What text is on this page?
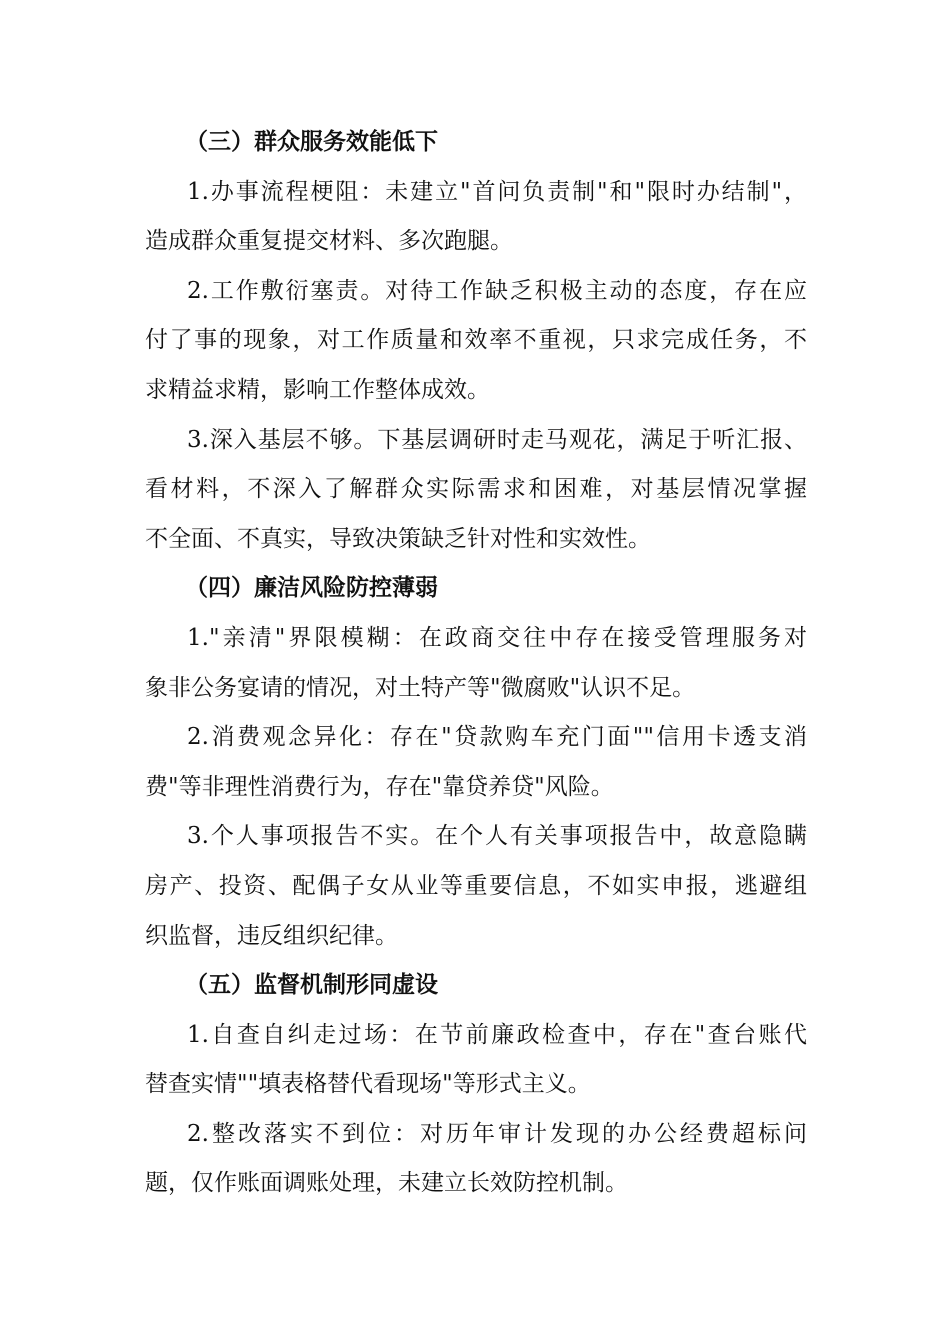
（三）群众服务效能低下
1.办事流程梗阻：未建立"首问负责制"和"限时办结制"，
造成群众重复提交材料、多次跑腿。
2.工作敷衍塞责。对待工作缺乏积极主动的态度，存在应
付了事的现象，对工作质量和效率不重视，只求完成任务，不
求精益求精，影响工作整体成效。
3.深入基层不够。下基层调研时走马观花，满足于听汇报、
看材料，不深入了解群众实际需求和困难，对基层情况掌握
不全面、不真实，导致决策缺乏针对性和实效性。
（四）廉洁风险防控薄弱
1."亲清"界限模糊：在政商交往中存在接受管理服务对
象非公务宴请的情况，对土特产等"微腐败"认识不足。
2.消费观念异化：存在"贷款购车充门面""信用卡透支消
费"等非理性消费行为，存在"靠贷养贷"风险。
3.个人事项报告不实。在个人有关事项报告中，故意隐瞒
房产、投资、配偶子女从业等重要信息，不如实申报，逃避组
织监督，违反组织纪律。
（五）监督机制形同虚设
1.自查自纠走过场：在节前廉政检查中，存在"查台账代
替查实情""填表格替代看现场"等形式主义。
2.整改落实不到位：对历年审计发现的办公经费超标问
题，仅作账面调账处理，未建立长效防控机制。
